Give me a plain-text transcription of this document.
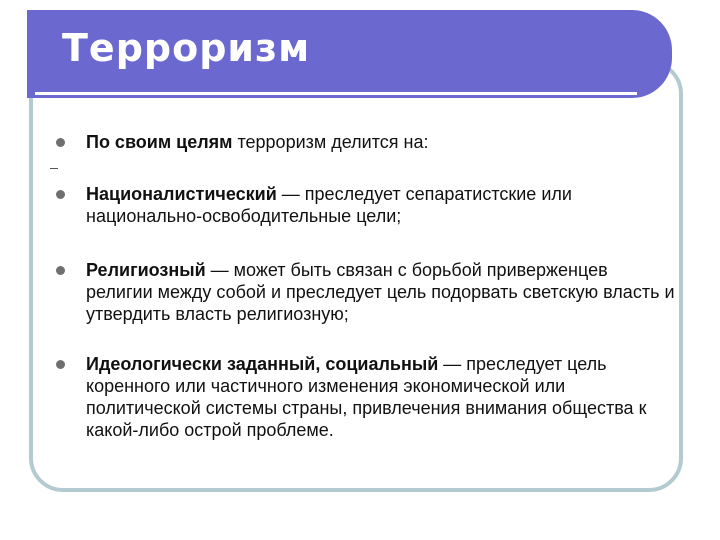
Терроризм
По своим целям терроризм делится на:
Националистический — преследует сепаратистские или национально-освободительные цели;
Религиозный — может быть связан с борьбой приверженцев религии между собой и преследует цель подорвать светскую власть и утвердить власть религиозную;
Идеологически заданный, социальный — преследует цель коренного или частичного изменения экономической или политической системы страны, привлечения внимания общества к какой-либо острой проблеме.
